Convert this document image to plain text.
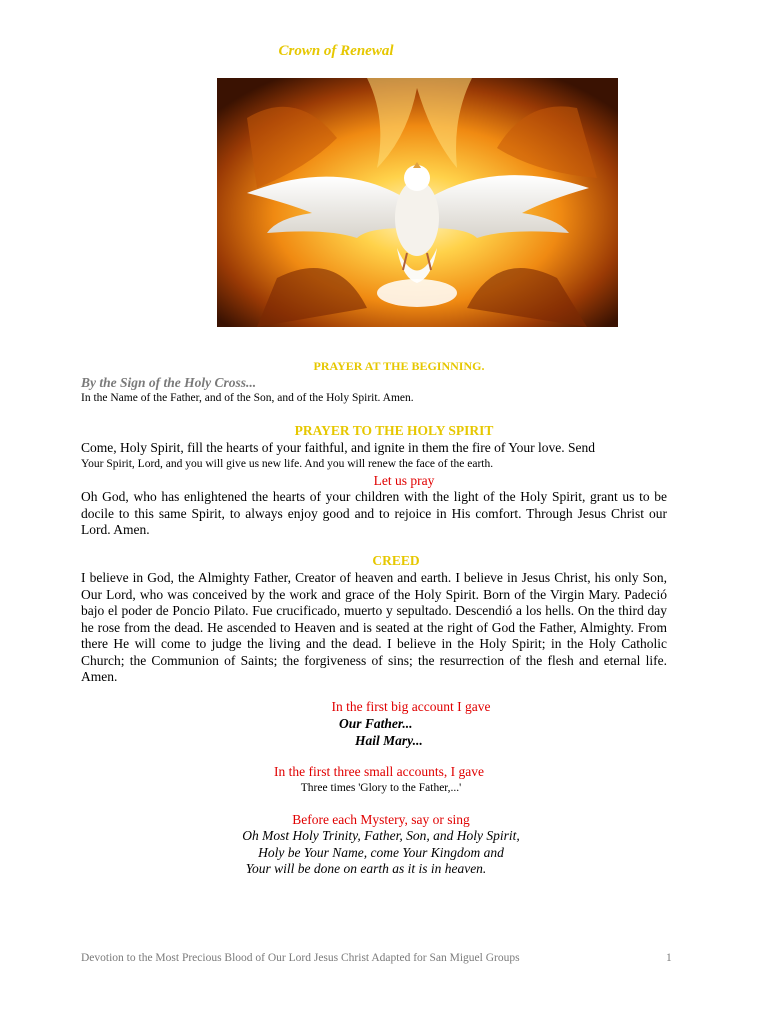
Crown of Renewal
PRAYER AT THE BEGINNING.
By the Sign of the Holy Cross...
In the Name of the Father, and of the Son, and of the Holy Spirit. Amen.
PRAYER TO THE HOLY SPIRIT
Come, Holy Spirit, fill the hearts of your faithful, and ignite in them the fire of Your love. Send
Your Spirit, Lord, and you will give us new life. And you will renew the face of the earth.
Let us pray
Oh God, who has enlightened the hearts of your children with the light of the Holy Spirit, grant us to be docile to this same Spirit, to always enjoy good and to rejoice in His comfort. Through Jesus Christ our Lord. Amen.
CREED
I believe in God, the Almighty Father, Creator of heaven and earth. I believe in Jesus Christ, his only Son, Our Lord, who was conceived by the work and grace of the Holy Spirit. Born of the Virgin Mary. Padeció bajo el poder de Poncio Pilato. Fue crucificado, muerto y sepultado. Descendió a los hells. On the third day he rose from the dead. He ascended to Heaven and is seated at the right of God the Father, Almighty. From there He will come to judge the living and the dead. I believe in the Holy Spirit; in the Holy Catholic Church; the Communion of Saints; the forgiveness of sins; the resurrection of the flesh and eternal life. Amen.
In the first big account I gave
Our Father...
Hail Mary...
In the first three small accounts, I gave
Three times 'Glory to the Father,...'
Before each Mystery, say or sing
Oh Most Holy Trinity, Father, Son, and Holy Spirit,
Holy be Your Name, come Your Kingdom and
Your will be done on earth as it is in heaven.
Devotion to the Most Precious Blood of Our Lord Jesus Christ Adapted for San Miguel Groups	1
